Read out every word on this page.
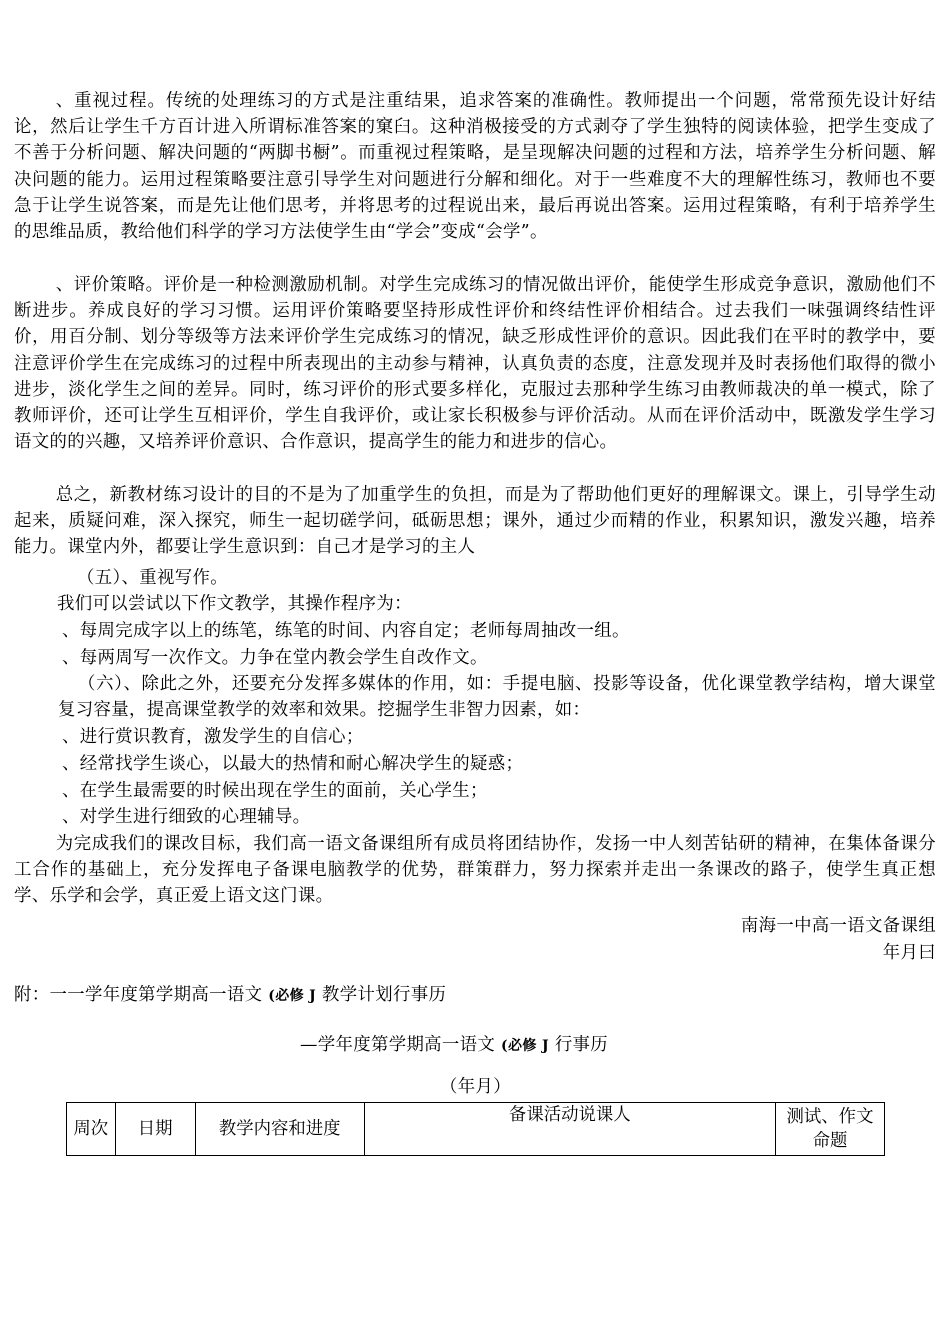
、重视过程。传统的处理练习的方式是注重结果，追求答案的准确性。教师提出一个问题，常常预先设计好结论，然后让学生千方百计进入所谓标准答案的窠臼。这种消极接受的方式剥夺了学生独特的阅读体验，把学生变成了不善于分析问题、解决问题的“两脚书橱”。而重视过程策略，是呈现解决问题的过程和方法，培养学生分析问题、解决问题的能力。运用过程策略要注意引导学生对问题进行分解和细化。对于一些难度不大的理解性练习，教师也不要急于让学生说答案，而是先让他们思考，并将思考的过程说出来，最后再说出答案。运用过程策略，有利于培养学生的思维品质，教给他们科学的学习方法使学生由“学会”变成“会学”。

、评价策略。评价是一种检测激励机制。对学生完成练习的情况做出评价，能使学生形成竞争意识，激励他们不断进步。养成良好的学习习惯。运用评价策略要坚持形成性评价和终结性评价相结合。过去我们一味强调终结性评价，用百分制、划分等级等方法来评价学生完成练习的情况，缺乏形成性评价的意识。因此我们在平时的教学中，要注意评价学生在完成练习的过程中所表现出的主动参与精神，认真负责的态度，注意发现并及时表扬他们取得的微小进步，淡化学生之间的差异。同时，练习评价的形式要多样化，克服过去那种学生练习由教师裁决的单一模式，除了教师评价，还可让学生互相评价，学生自我评价，或让家长积极参与评价活动。从而在评价活动中，既激发学生学习语文的的兴趣，又培养评价意识、合作意识，提高学生的能力和进步的信心。

总之，新教材练习设计的目的不是为了加重学生的负担，而是为了帮助他们更好的理解课文。课上，引导学生动起来，质疑问难，深入探究，师生一起切磋学问，砥砺思想；课外，通过少而精的作业，积累知识，激发兴趣，培养能力。课堂内外，都要让学生意识到：自己才是学习的主人

（五）、重视写作。

我们可以尝试以下作文教学，其操作程序为：

、每周完成字以上的练笔，练笔的时间、内容自定；老师每周抽改一组。

、每两周写一次作文。力争在堂内教会学生自改作文。

（六）、除此之外，还要充分发挥多媒体的作用，如：手提电脑、投影等设备，优化课堂教学结构，增大课堂复习容量，提高课堂教学的效率和效果。挖掘学生非智力因素，如：

、进行赏识教育，激发学生的自信心；

、经常找学生谈心，以最大的热情和耐心解决学生的疑惑；

、在学生最需要的时候出现在学生的面前，关心学生；

、对学生进行细致的心理辅导。

为完成我们的课改目标，我们高一语文备课组所有成员将团结协作，发扬一中人刻苦钻研的精神，在集体备课分工合作的基础上，充分发挥电子备课电脑教学的优势，群策群力，努力探索并走出一条课改的路子，使学生真正想学、乐学和会学，真正爱上语文这门课。

南海一中高一语文备课组
年月曰
附：一一学年度第学期高一语文 (必修 J 教学计划行事历
—学年度第学期高一语文 (必修 J 行事历
（年月）
周次	日期	教学内容和进度	备课活动说课人	测试、作文命题
